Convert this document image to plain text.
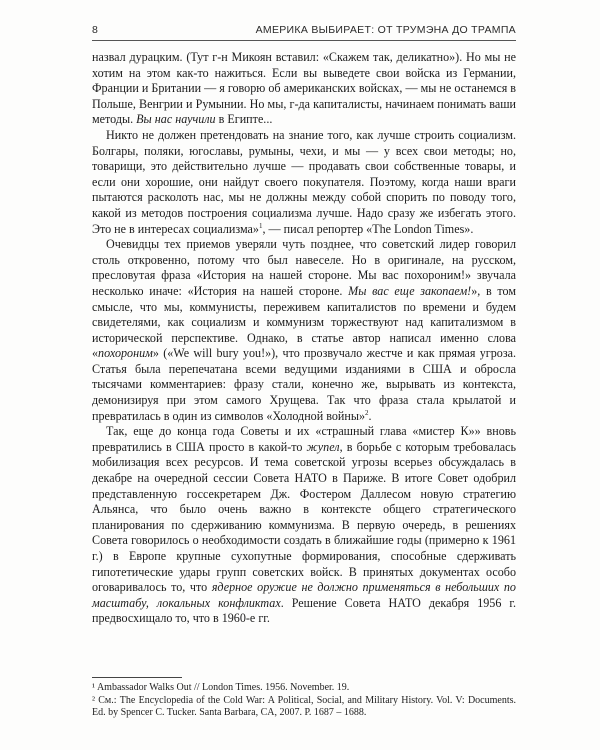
8	АМЕРИКА ВЫБИРАЕТ: ОТ ТРУМЭНА ДО ТРАМПА

назвал дурацким. (Тут г-н Микоян вставил: «Скажем так, деликатно»). Но мы не хотим на этом как-то нажиться. Если вы выведете свои войска из Германии, Франции и Британии — я говорю об американских войсках, — мы не останемся в Польше, Венгрии и Румынии. Но мы, г-да капиталисты, начинаем понимать ваши методы. Вы нас научили в Египте...

Никто не должен претендовать на знание того, как лучше строить социализм. Болгары, поляки, югославы, румыны, чехи, и мы — у всех свои методы; но, товарищи, это действительно лучше — продавать свои собственные товары, и если они хорошие, они найдут своего покупателя. Поэтому, когда наши враги пытаются расколоть нас, мы не должны между собой спорить по поводу того, какой из методов построения социализма лучше. Надо сразу же избегать этого. Это не в интересах социализма»$^1$, — писал репортер «The London Times».

Очевидцы тех приемов уверяли чуть позднее, что советский лидер говорил столь откровенно, потому что был навеселе. Но в оригинале, на русском, пресловутая фраза «История на нашей стороне. Мы вас похороним!» звучала несколько иначе: «История на нашей стороне. Мы вас еще закопаем!», в том смысле, что мы, коммунисты, переживем капиталистов по времени и будем свидетелями, как социализм и коммунизм торжествуют над капитализмом в исторической перспективе. Однако, в статье автор написал именно слова «похороним» («We will bury you!»), что прозвучало жестче и как прямая угроза. Статья была перепечатана всеми ведущими изданиями в США и обросла тысячами комментариев: фразу стали, конечно же, вырывать из контекста, демонизируя при этом самого Хрущева. Так что фраза стала крылатой и превратилась в один из символов «Холодной войны»$^2$.

Так, еще до конца года Советы и их «страшный глава «мистер К»» вновь превратились в США просто в какой-то жупел, в борьбе с которым требовалась мобилизация всех ресурсов. И тема советской угрозы всерьез обсуждалась в декабре на очередной сессии Совета НАТО в Париже. В итоге Совет одобрил представленную госсекретарем Дж. Фостером Даллесом новую стратегию Альянса, что было очень важно в контексте общего стратегического планирования по сдерживанию коммунизма. В первую очередь, в решениях Совета говорилось о необходимости создать в ближайшие годы (примерно к 1961 г.) в Европе крупные сухопутные формирования, способные сдерживать гипотетические удары групп советских войск. В принятых документах особо оговаривалось то, что ядерное оружие не должно применяться в небольших по масштабу, локальных конфликтах. Решение Совета НАТО декабря 1956 г. предвосхищало то, что в 1960-е гг.

¹ Ambassador Walks Out // London Times. 1956. November. 19.
² См.: The Encyclopedia of the Cold War: A Political, Social, and Military History. Vol. V: Documents. Ed. by Spencer C. Tucker. Santa Barbara, CA, 2007. P. 1687 – 1688.
